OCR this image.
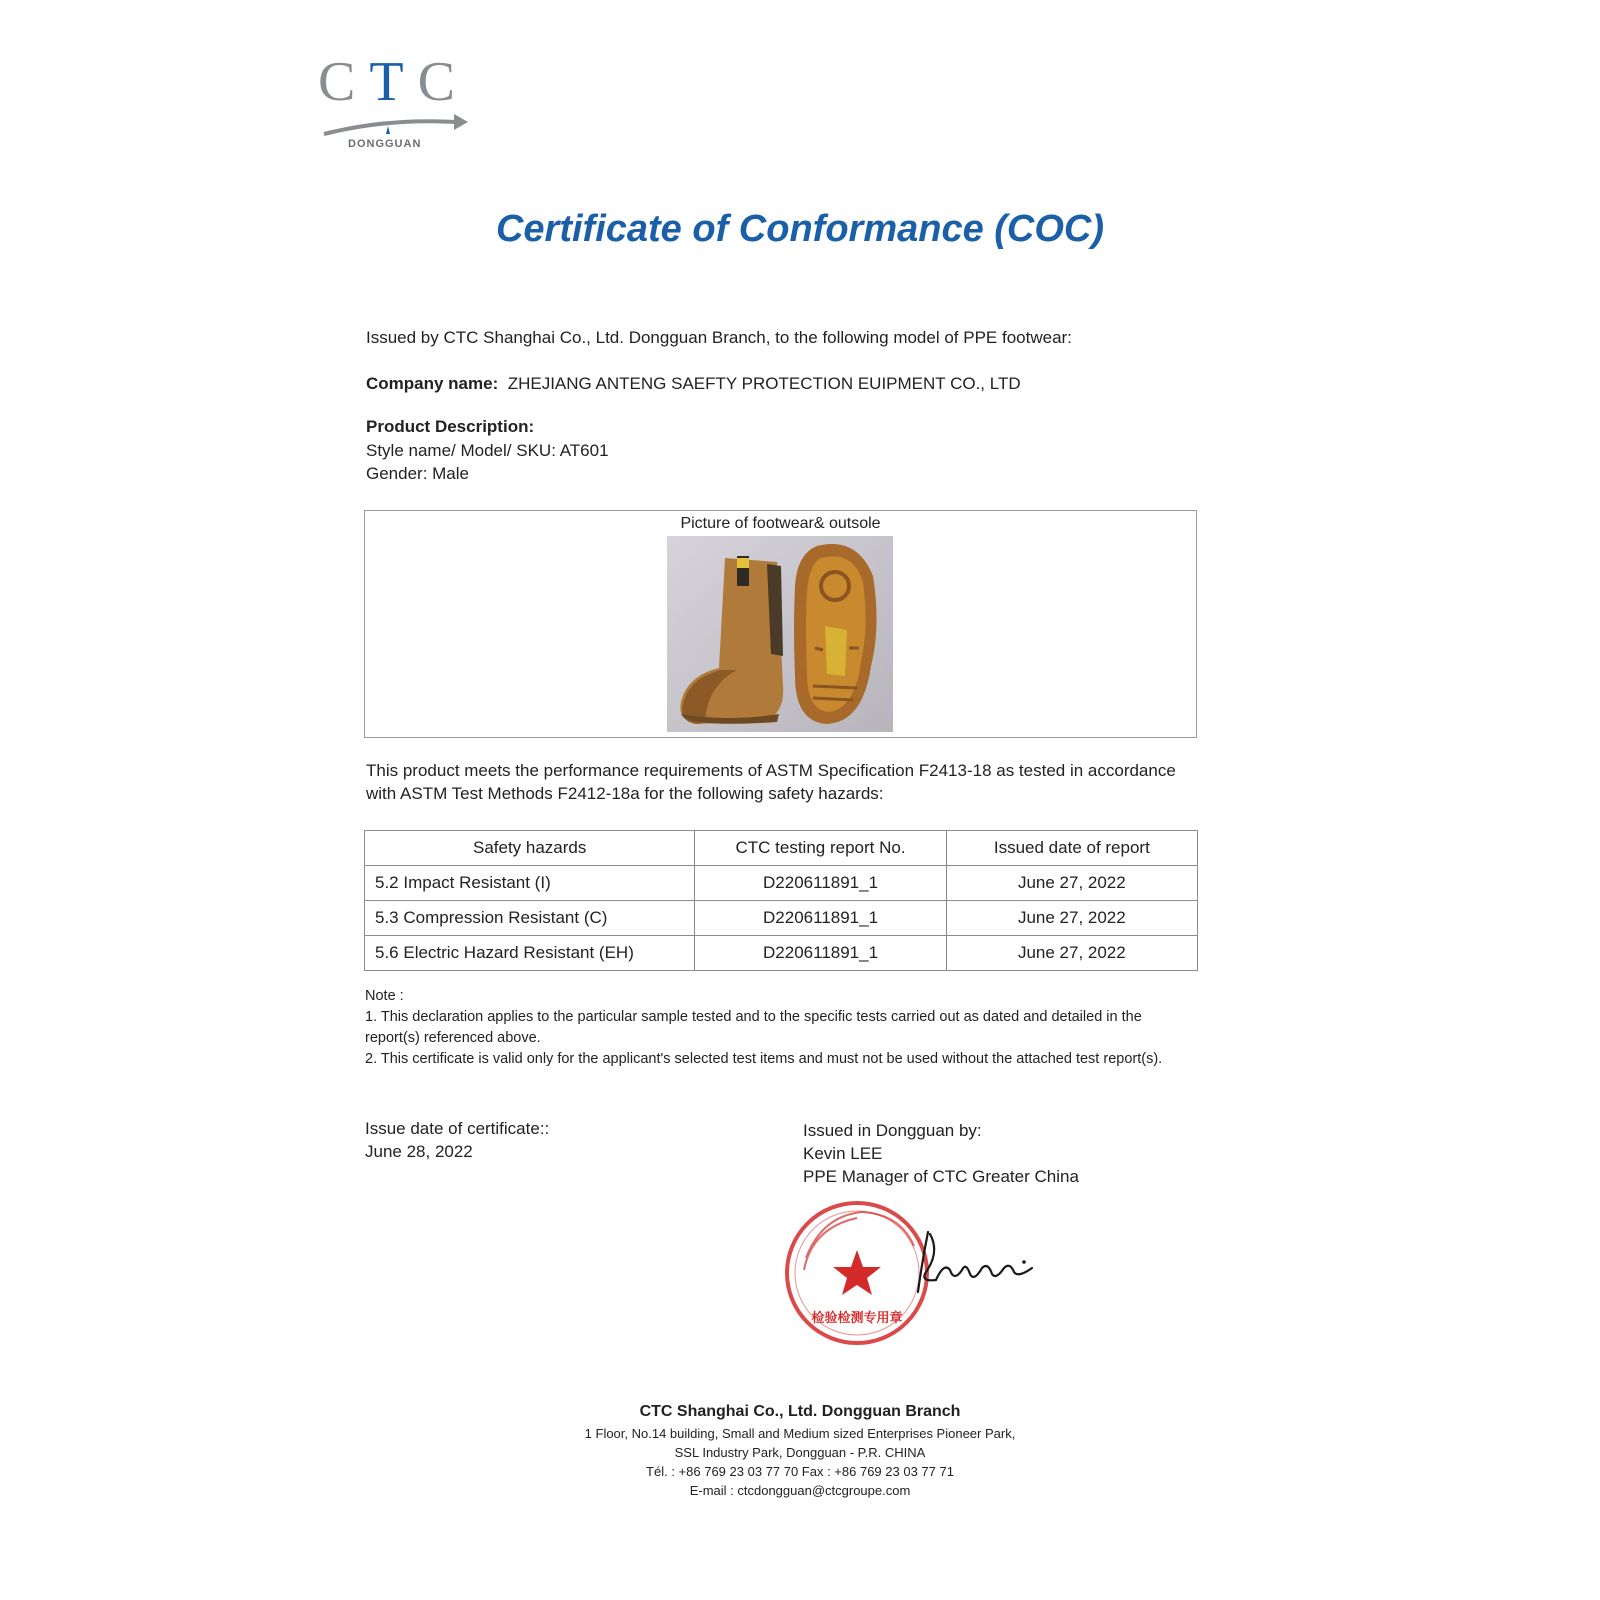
CTC
DONGGUAN
Certificate of Conformance (COC)
Issued by CTC Shanghai Co., Ltd. Dongguan Branch, to the following model of PPE footwear:
Company name: ZHEJIANG ANTENG SAEFTY PROTECTION EUIPMENT CO., LTD
Product Description:
Style name/ Model/ SKU: AT601
Gender: Male
Picture of footwear& outsole
This product meets the performance requirements of ASTM Specification F2413-18 as tested in accordance
with ASTM Test Methods F2412-18a for the following safety hazards:
Safety hazards	CTC testing report No.	Issued date of report
5.2 Impact Resistant (I)	D220611891_1	June 27, 2022
5.3 Compression Resistant (C)	D220611891_1	June 27, 2022
5.6 Electric Hazard Resistant (EH)	D220611891_1	June 27, 2022
Note :
1. This declaration applies to the particular sample tested and to the specific tests carried out as dated and detailed in the
report(s) referenced above.
2. This certificate is valid only for the applicant's selected test items and must not be used without the attached test report(s).
Issue date of certificate::
June 28, 2022
Issued in Dongguan by:
Kevin LEE
PPE Manager of CTC Greater China
检验检测专用章
CTC Shanghai Co., Ltd. Dongguan Branch
1 Floor, No.14 building, Small and Medium sized Enterprises Pioneer Park,
SSL Industry Park, Dongguan - P.R. CHINA
Tél. : +86 769 23 03 77 70 Fax : +86 769 23 03 77 71
E-mail : ctcdongguan@ctcgroupe.com
